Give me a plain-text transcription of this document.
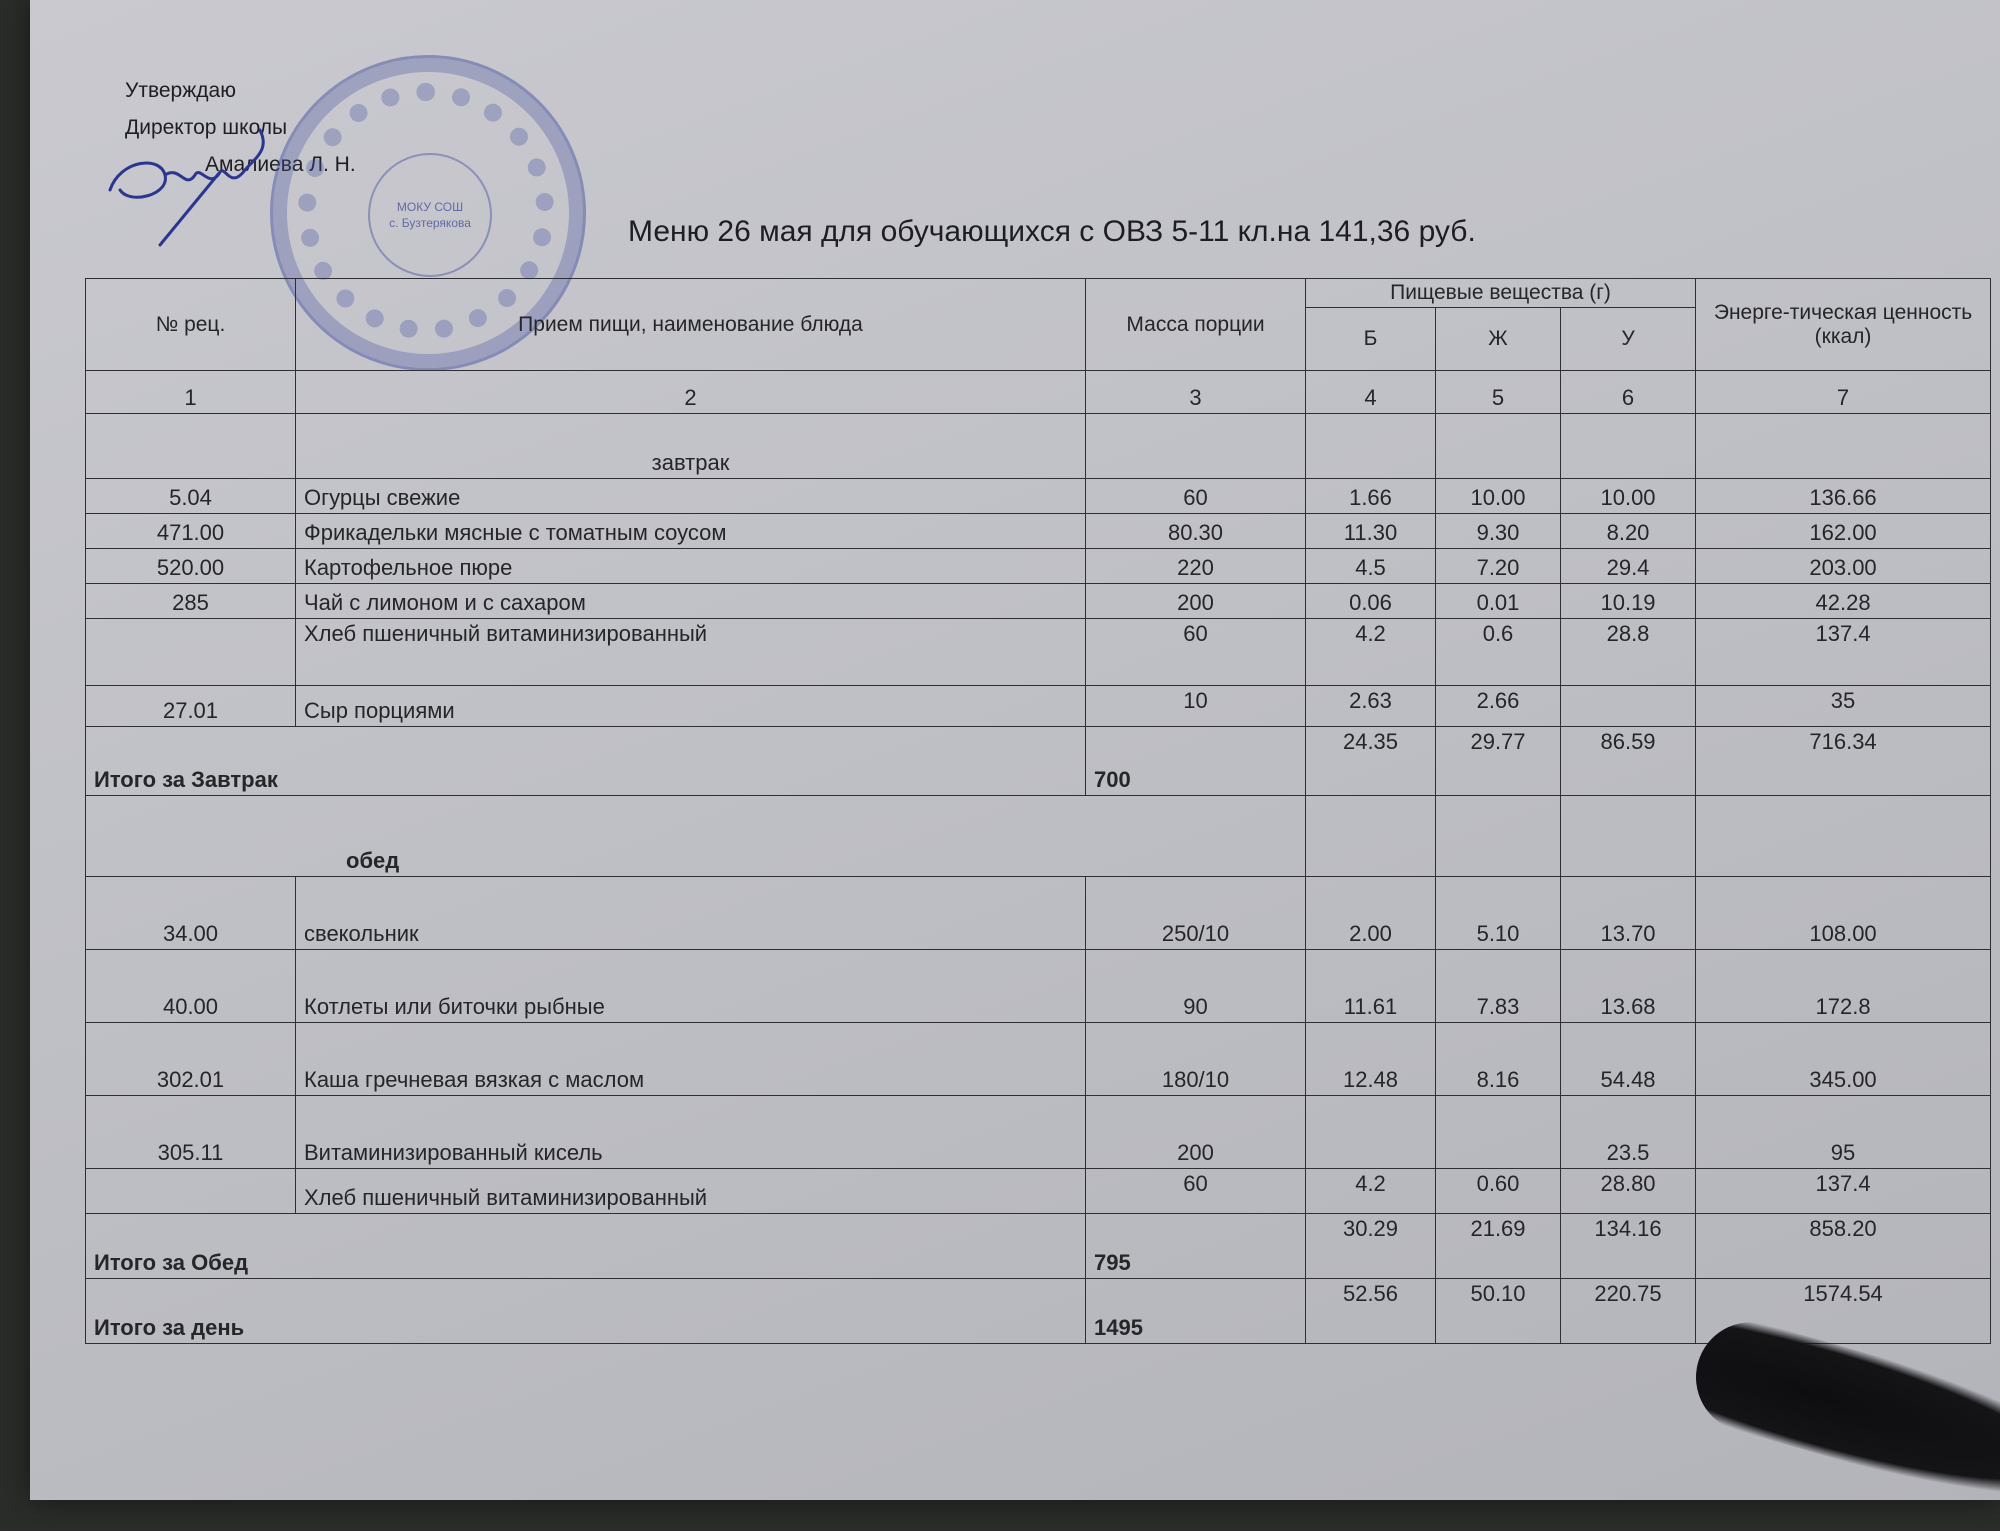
Утверждаю
Директор школы
Амалиева Л. Н.
МОКУ СОШ
с. Бузтерякова	Меню 26 мая для обучающихся с ОВЗ 5-11 кл.на 141,36 руб.
№ рец.	Прием пищи, наименование блюда	Масса порции	Пищевые вещества (г)			Энерге-тическая ценность (ккал)
			Б	Ж	У	
1	2	3	4	5	6	7
	завтрак					
5.04	Огурцы свежие	60	1.66	10.00	10.00	136.66
471.00	Фрикадельки мясные с томатным соусом	80.30	11.30	9.30	8.20	162.00
520.00	Картофельное пюре	220	4.5	7.20	29.4	203.00
285	Чай с лимоном и с сахаром	200	0.06	0.01	10.19	42.28
	Хлеб пшеничный витаминизированный	60	4.2	0.6	28.8	137.4
27.01	Сыр порциями	10	2.63	2.66		35
Итого за Завтрак		700	24.35	29.77	86.59	716.34
обед						
34.00	свекольник	250/10	2.00	5.10	13.70	108.00
40.00	Котлеты или биточки рыбные	90	11.61	7.83	13.68	172.8
302.01	Каша гречневая вязкая с маслом	180/10	12.48	8.16	54.48	345.00
305.11	Витаминизированный кисель	200			23.5	95
	Хлеб пшеничный витаминизированный	60	4.2	0.60	28.80	137.4
Итого за Обед		795	30.29	21.69	134.16	858.20
Итого за день		1495	52.56	50.10	220.75	1574.54
